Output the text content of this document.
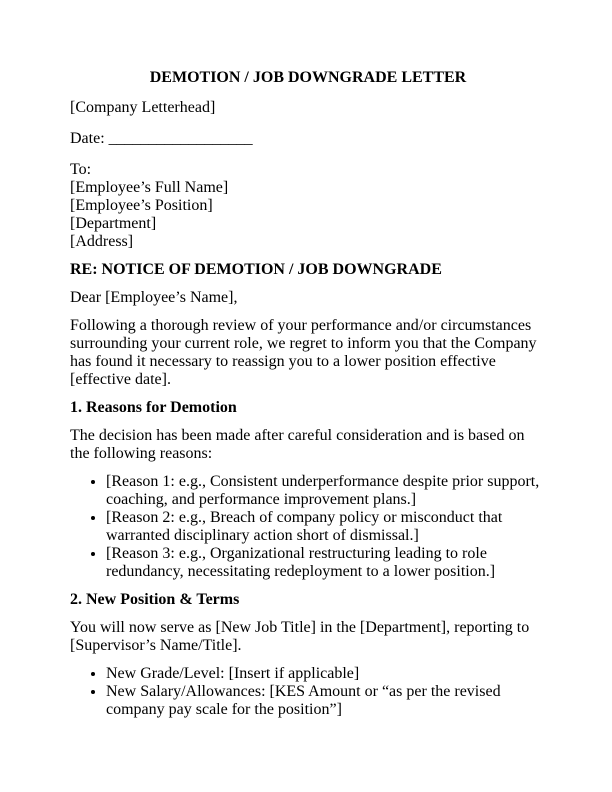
DEMOTION / JOB DOWNGRADE LETTER

[Company Letterhead]

Date: __________________

To:
[Employee’s Full Name]
[Employee’s Position]
[Department]
[Address]

RE: NOTICE OF DEMOTION / JOB DOWNGRADE

Dear [Employee’s Name],

Following a thorough review of your performance and/or circumstances surrounding your current role, we regret to inform you that the Company has found it necessary to reassign you to a lower position effective [effective date].

1. Reasons for Demotion

The decision has been made after careful consideration and is based on the following reasons:

• [Reason 1: e.g., Consistent underperformance despite prior support, coaching, and performance improvement plans.]
• [Reason 2: e.g., Breach of company policy or misconduct that warranted disciplinary action short of dismissal.]
• [Reason 3: e.g., Organizational restructuring leading to role redundancy, necessitating redeployment to a lower position.]

2. New Position & Terms

You will now serve as [New Job Title] in the [Department], reporting to [Supervisor’s Name/Title].

• New Grade/Level: [Insert if applicable]
• New Salary/Allowances: [KES Amount or “as per the revised company pay scale for the position”]
